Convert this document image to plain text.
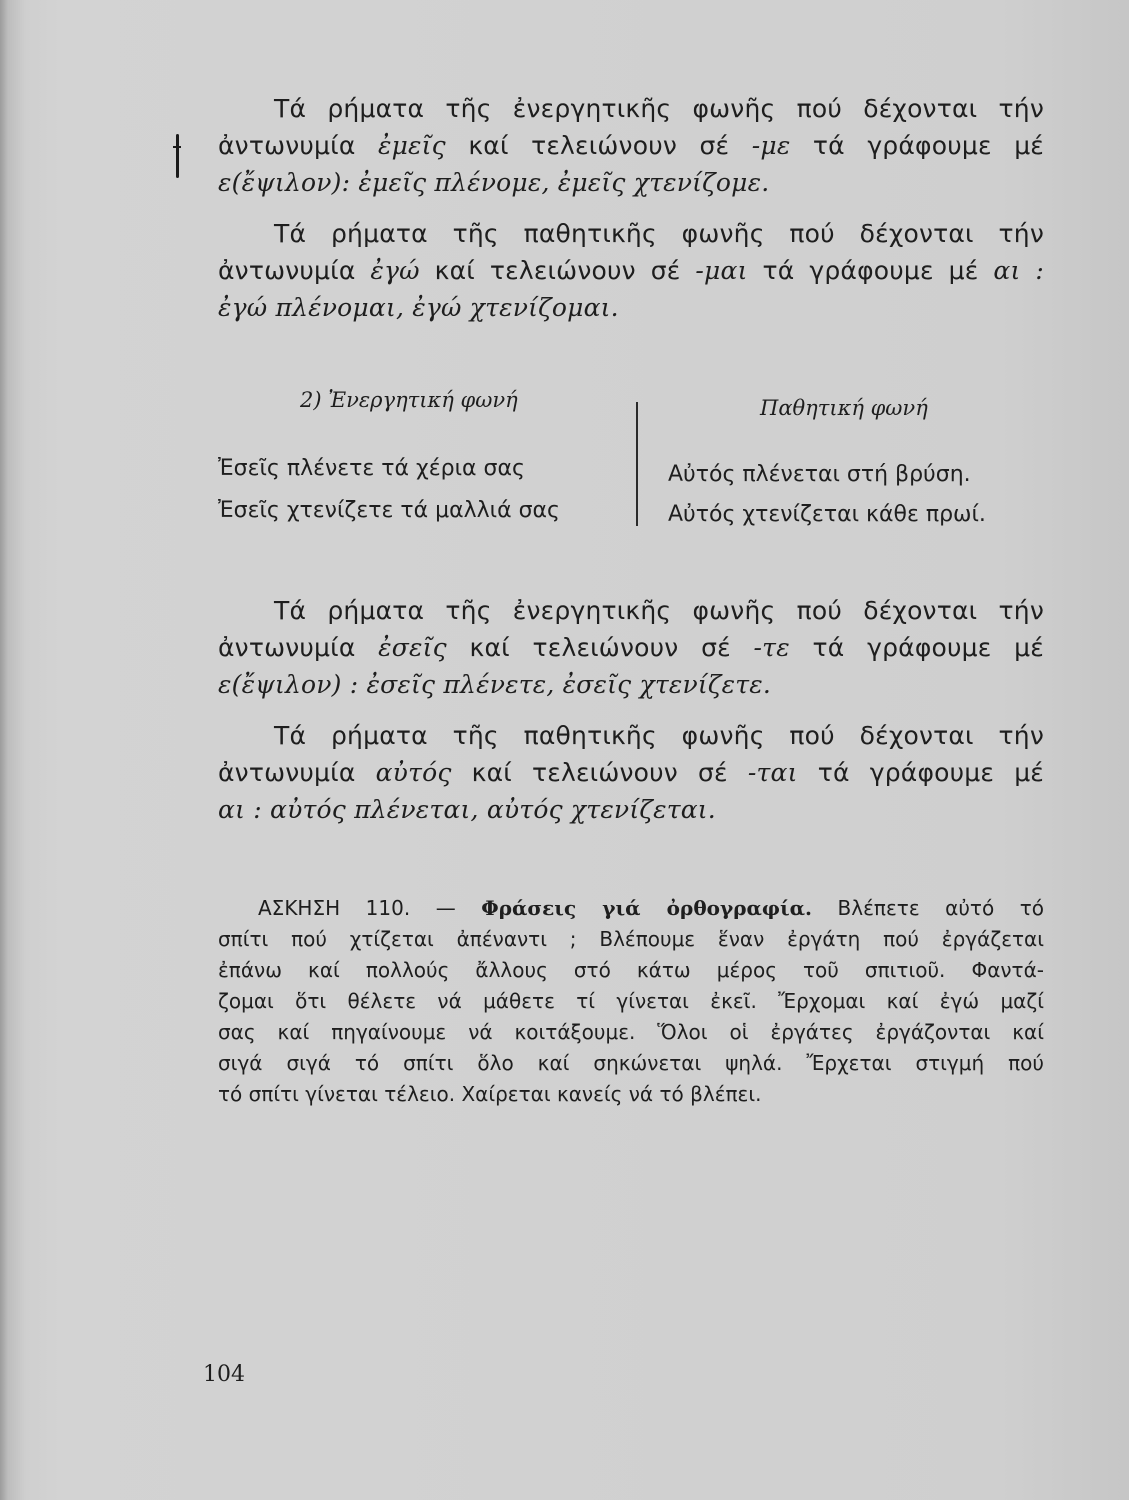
Τά ρήματα τῆς ἐνεργητικῆς φωνῆς πού δέχονται τήν
ἀντωνυμία ἐμεῖς καί τελειώνουν σέ -με τά γράφουμε μέ
ε(ἔψιλον): ἐμεῖς πλένομε, ἐμεῖς χτενίζομε.
Τά ρήματα τῆς παθητικῆς φωνῆς πού δέχονται τήν
ἀντωνυμία ἐγώ καί τελειώνουν σέ -μαι τά γράφουμε μέ αι :
ἐγώ πλένομαι, ἐγώ χτενίζομαι.
2) Ἐνεργητική φωνή	Παθητική φωνή
Ἐσεῖς πλένετε τά χέρια σας
Ἐσεῖς χτενίζετε τά μαλλιά σας
Αὐτός πλένεται στή βρύση.
Αὐτός χτενίζεται κάθε πρωί.
Τά ρήματα τῆς ἐνεργητικῆς φωνῆς πού δέχονται τήν
ἀντωνυμία ἐσεῖς καί τελειώνουν σέ -τε τά γράφουμε μέ
ε(ἔψιλον) : ἐσεῖς πλένετε, ἐσεῖς χτενίζετε.
Τά ρήματα τῆς παθητικῆς φωνῆς πού δέχονται τήν
ἀντωνυμία αὐτός καί τελειώνουν σέ -ται τά γράφουμε μέ
αι : αὐτός πλένεται, αὐτός χτενίζεται.
ΑΣΚΗΣΗ 110. — Φράσεις γιά ὀρθογραφία. Βλέπετε αὐτό τό
σπίτι πού χτίζεται ἀπέναντι ; Βλέπουμε ἕναν ἐργάτη πού ἐργάζεται
ἐπάνω καί πολλούς ἄλλους στό κάτω μέρος τοῦ σπιτιοῦ. Φαντά-
ζομαι ὅτι θέλετε νά μάθετε τί γίνεται ἐκεῖ. Ἔρχομαι καί ἐγώ μαζί
σας καί πηγαίνουμε νά κοιτάξουμε. Ὅλοι οἱ ἐργάτες ἐργάζονται καί
σιγά σιγά τό σπίτι ὅλο καί σηκώνεται ψηλά. Ἔρχεται στιγμή πού
τό σπίτι γίνεται τέλειο. Χαίρεται κανείς νά τό βλέπει.
104
